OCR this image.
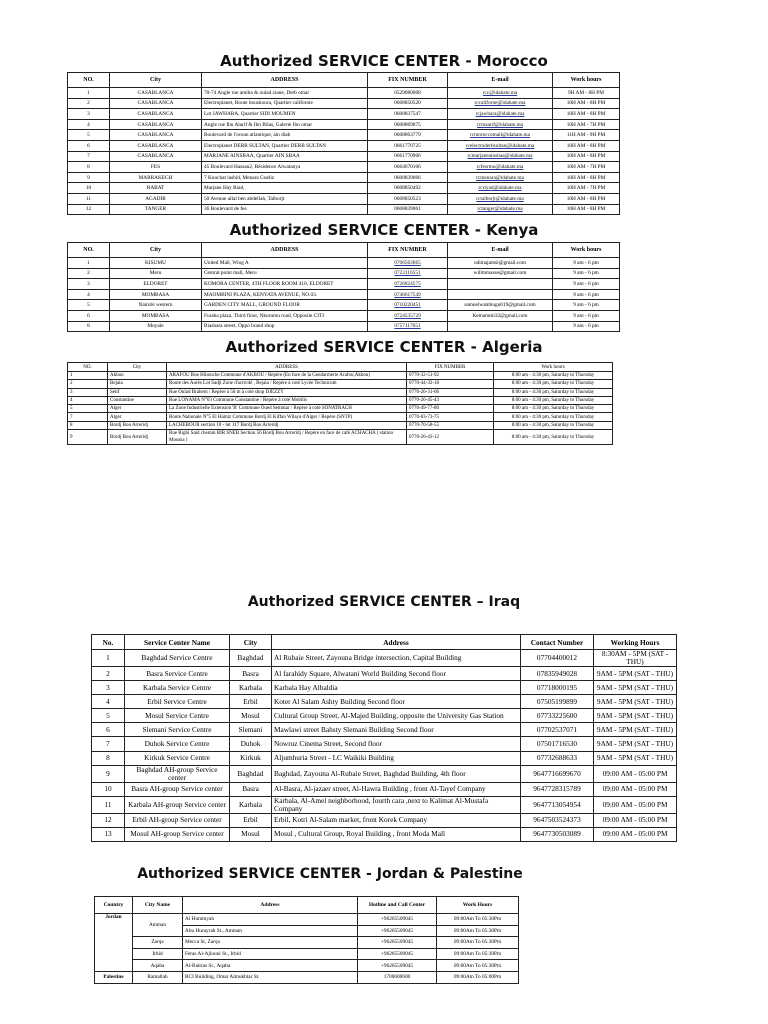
Authorized SERVICE CENTER - Morocco
NO.	City	ADDRESS	FIX NUMBER	E-mail	Work hours
1	CASABLANCA	70-74 Angle rue amiha & oulad ziane, Derb omar	0529080008	rcc@idahate.ma	9H AM - 8H PM
2	CASABLANCA	Electroplanet, Route bouskoura, Quartier californie	0608850520	rccaliforne@idahate.ma	10H AM - 8H PM
3	CASABLANCA	Lot JAWHARA, Quartier SIDI MOUMEN	0608837547	rcjawhara@idahate.ma	10H AM - 8H PM
4	CASABLANCA	Angle rue Ibn Alarif & Ibn Bilas, Galerie Ibn omar	0608869875	rcmaarif@idahate.ma	10H AM - 7H PM
5	CASABLANCA	Boulevard de l'ocean atlantique, ain diab	0608863779	rcmoroccomall@idahate.ma	11H AM - 9H PM
6	CASABLANCA	Electroplanet DERB SULTAN, Quartier DERB SULTAN	0661770725	rcelectroderbsultan@idahate.ma	10H AM - 8H PM
7	CASABLANCA	MARJANE AINSBAA, Quartier AIN SBAA	0661770906	rcmarjaneainsbaa@idahate.ma	10H AM - 8H PM
8	FES	45 Boulevard Hassan2, Résidence Alwatanya	0664670106	rcfesrmo@idahate.ma	10H AM - 7H PM
9	MARRAKECH	7 Kouchat lasbid, Menara Gueliz	0608839066	rcmenara@idahate.ma	10H AM - 8H PM
10	RABAT	Marjane Hay Riad,	0608850492	rcriyad@idahate.ma	10H AM - 7H PM
11	AGADIR	50 Avenue allal ben abdellah, Talborjt	0608850523	rctalborjt@idahate.ma	10H AM - 8H PM
12	TANGER	36 Boulevard de fes	0608839061	rctanger@idahate.ma	10H AM - 8H PM
Authorized SERVICE CENTER - Kenya
NO.	City	ADDRESS	FIX NUMBER	E-mail	Work hours
1	KISUMU	United Mall, Wing A	0706563665	odimajamsi@gmail.com	9 am - 6 pm
2	Meru	Central point mall, Meru	0723110551	willmmasse@gmail.com	9 am - 6 pm
3	ELDORET	KOMORA CENTER, 4TH FLOOR ROOM 410, ELDORET	0726824575		9 am - 6 pm
4	MOMBASA	MAOMBINI PLAZA, KENYATA AVENUE, NO.03.	0746617549		9 am - 6 pm
5	Nairobi western	GARDEN CITY MALL, GROUND FLOOR	0710220451	samuelwambugu019@gmail.com	9 am - 6 pm
6	MOMBASA	Furaha plaza, Third floor, Nkurumu road, Opposite CITI	0724535729	Kemammi32@gmail.com	9 am - 6 pm
8	Moyale	Biashara street, Oppo brand shop	0757117651		9 am - 6 pm
Authorized SERVICE CENTER - Algeria
NO.	City	ADDRESS	FIX NUMBER	Work hours
1	Akbou	ARAFOU Rue Hibouche Commune d'AKBOU / Repère (En face de la Gendarmerie Arafou,Akbou)	0770-32-51-92	8:00 am - 4:30 pm, Saturday to Thursday
2	Bejaia	Route des Aurès Lot Sadji Zone d'activité , Bejaia / Repère à coté Lycée Technicum	0770-44-32-18	8:00 am - 4:30 pm, Saturday to Thursday
3	Sétif	Rue Oulad Brahem / Repère à 50 m à coté shop DJEZZY	0770-26-31-06	8:00 am - 4:30 pm, Saturday to Thursday
4	Constantine	Rue LONAMA N°03 Commune Constantine / Repère à coté Mobilis	0770-26-45-43	8:00 am - 4:30 pm, Saturday to Thursday
5	Alger	La Zone Industrielle Extension 'B' Commune Oued Semmar / Repère à coté SONATRACH	0770-49-77-80	8:00 am - 4:30 pm, Saturday to Thursday
7	Alger	Route Nationale N°5 El Hamiz Commune Bordj El Kiffan Wilaya d'Alger / Repère (SNTP)	0770-83-73-75	8:00 am - 4:30 pm, Saturday to Thursday
8	Bordj Bou Arreridj	LACHEBOUR section 10 - lot 117 Bordj Bou Arreridj	0770-70-58-55	8:00 am - 4:30 pm, Saturday to Thursday
9	Bordj Bou Arreridj	Rue Righi Said chemin BIR SNEB Section 56 Bordj Bou Arreridj / Repère en face de café ACHACHA ( station Moussa )	0770-26-43-12	8:00 am - 4:30 pm, Saturday to Thursday
Authorized SERVICE CENTER – Iraq
No.	Service Center Name	City	Address	Contact Number	Working Hours
1	Baghdad Service Centre	Baghdad	Al Rubaie Street, Zayouna Bridge intersection, Capital Building	07704400012	8:30AM - 5PM (SAT - THU)
2	Basra Service Centre	Basra	Al farahidy Square, Alwatani World Building Second floor	07835949028	9AM - 5PM (SAT - THU)
3	Karbala Service Centre	Karbala	Karbala Hay Albaldia	07718000195	9AM - 5PM (SAT - THU)
4	Erbil Service Centre	Erbil	Koter Al Salam Ashty Building Second floor	07505199899	9AM - 5PM (SAT - THU)
5	Mosul Service Centre	Mosul	Cultural Group Street, Al-Majed Building, opposite the University Gas Station	07733225600	9AM - 5PM (SAT - THU)
6	Slemani Service Centre	Slemani	Mawlawi street Bahsty Slemani Building Second floor	07702537071	9AM - 5PM (SAT - THU)
7	Duhok Service Centre	Duhok	Nowruz Cinema Street, Second floor	07501716530	9AM - 5PM (SAT - THU)
8	Kirkuk Service Centre	Kirkuk	Aljumhuria Street - LC Waikiki Building	07732688633	9AM - 5PM (SAT - THU)
9	Baghdad AH-group Service center	Baghdad	Baghdad, Zayouna Al-Rubaie Street, Baghdad Building, 4th floor	9647716699670	09:00 AM - 05:00 PM
10	Basra AH-group Service center	Basra	Al-Basra, Al-jazaer street, Al-Hawra Building , front Al-Tayef Company	9647728315789	09:00 AM - 05:00 PM
11	Karbala AH-group Service center	Karbala	Karbala, Al-Amel neighborhood, fourth cara ,next to Kalimat Al-Mustafa Company	9647713054954	09:00 AM - 05:00 PM
12	Erbil AH-group Service center	Erbil	Erbil, Kotri Al-Salam market, front Korek Company	9647503524373	09:00 AM - 05:00 PM
13	Mosul AH-group Service center	Mosul	Mosul , Cultural Group, Royal Building , front Moda Mall	9647730503089	09:00 AM - 05:00 PM
Authorized SERVICE CENTER - Jordan & Palestine
Country	City Name	Address	Hotline and Call Center	Work Hours
Jordan	Amman	Al Hummyah	+96265509045	09:00Am To 05:30Pm
		Abu Hurayrah St., Amman	+96265509045	09:00Am To 05:30Pm
	Zarqa	Mecca St, Zarqa	+96265509045	09:00Am To 05:30Pm
	Irbid	Feras Al-Ajlouni St., Irbid	+96265509045	09:00Am To 05:30Pm
	Aqaba	Al-Baitras St., Aqaba	+96265509045	09:00Am To 05:30Pm
Palestine	Ramallah	BCI Building, Omar Almukhtar St.	1700600600	09:00Am To 05:00Pm
